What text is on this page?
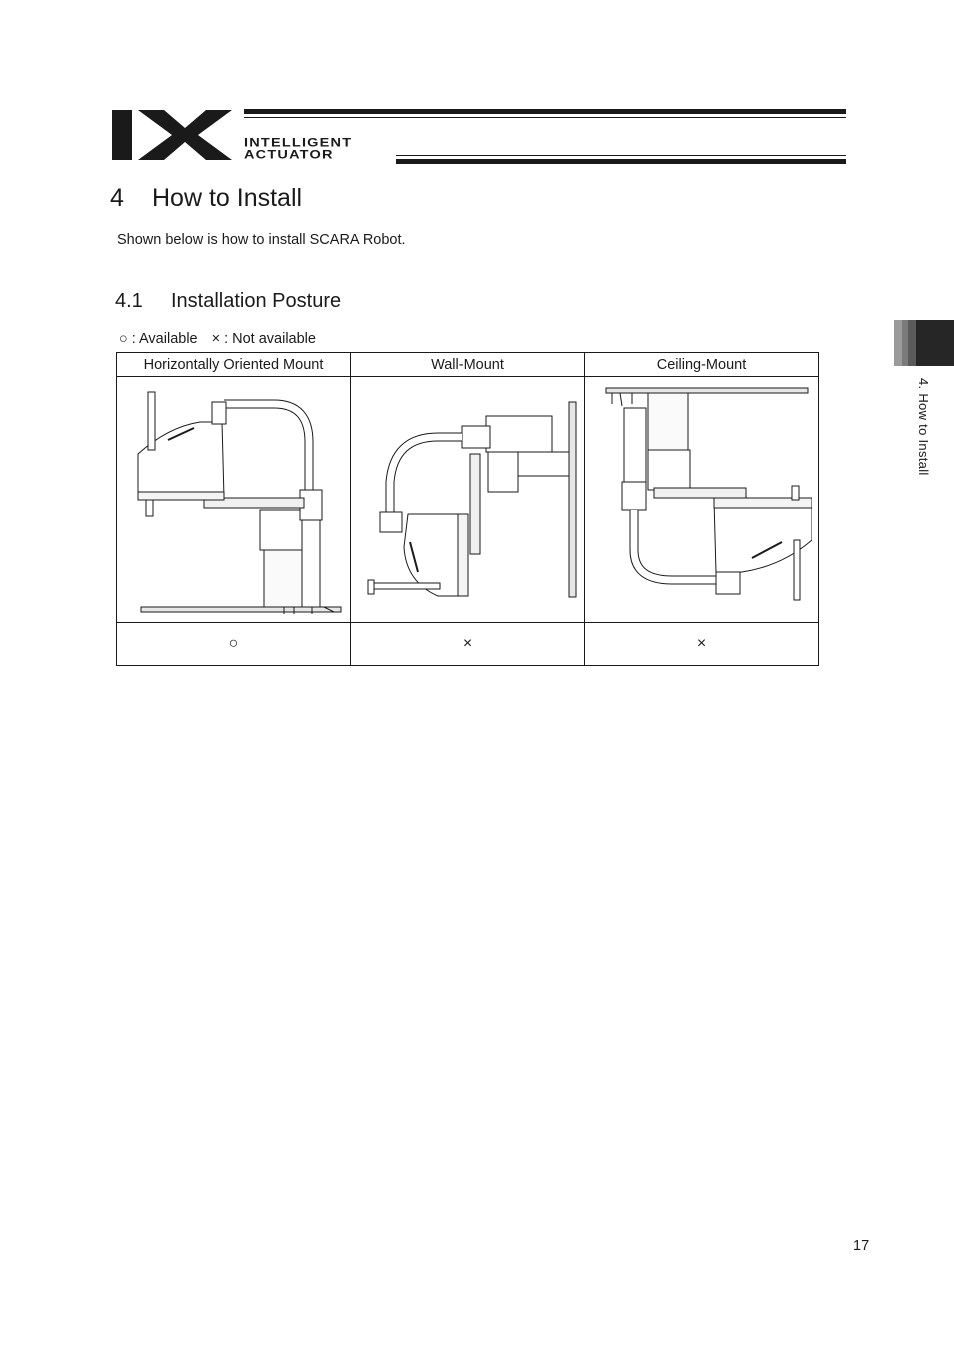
INTELLIGENT
ACTUATOR
4 How to Install

Shown below is how to install SCARA Robot.

4.1 Installation Posture
○ : Available × : Not available
Horizontally Oriented Mount	Wall-Mount	Ceiling-Mount

○	×	×
4. How to Install
17
